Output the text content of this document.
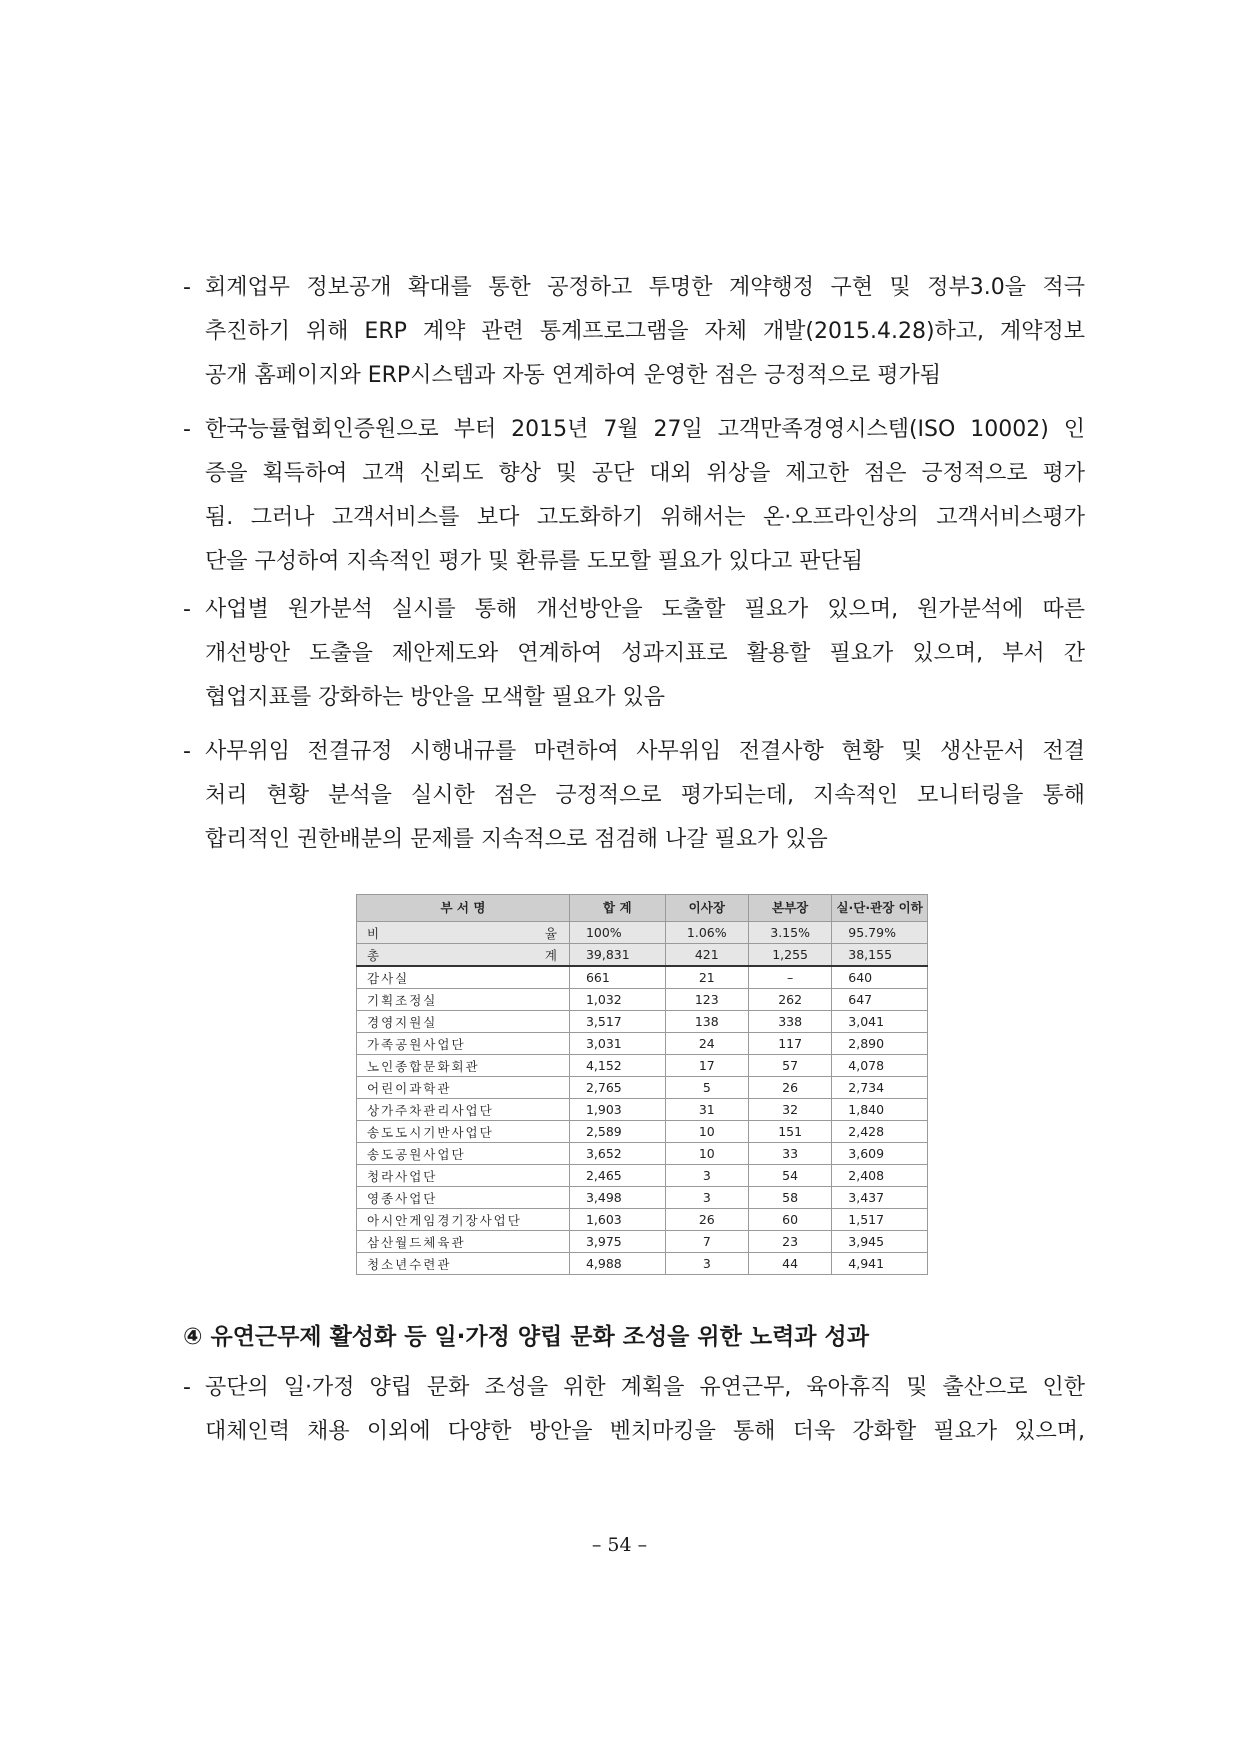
- 회계업무 정보공개 확대를 통한 공정하고 투명한 계약행정 구현 및 정부3.0을 적극
추진하기 위해 ERP 계약 관련 통계프로그램을 자체 개발(2015.4.28)하고, 계약정보
공개 홈페이지와 ERP시스템과 자동 연계하여 운영한 점은 긍정적으로 평가됨
- 한국능률협회인증원으로 부터 2015년 7월 27일 고객만족경영시스템(ISO 10002) 인
증을 획득하여 고객 신뢰도 향상 및 공단 대외 위상을 제고한 점은 긍정적으로 평가
됨. 그러나 고객서비스를 보다 고도화하기 위해서는 온·오프라인상의 고객서비스평가
단을 구성하여 지속적인 평가 및 환류를 도모할 필요가 있다고 판단됨
- 사업별 원가분석 실시를 통해 개선방안을 도출할 필요가 있으며, 원가분석에 따른
개선방안 도출을 제안제도와 연계하여 성과지표로 활용할 필요가 있으며, 부서 간
협업지표를 강화하는 방안을 모색할 필요가 있음
- 사무위임 전결규정 시행내규를 마련하여 사무위임 전결사항 현황 및 생산문서 전결
처리 현황 분석을 실시한 점은 긍정적으로 평가되는데, 지속적인 모니터링을 통해
합리적인 권한배분의 문제를 지속적으로 점검해 나갈 필요가 있음
부 서 명	합 계	이사장	본부장	실·단·관장 이하
비 율	100%	1.06%	3.15%	95.79%
총 계	39,831	421	1,255	38,155
감사실	661	21	–	640
기획조정실	1,032	123	262	647
경영지원실	3,517	138	338	3,041
가족공원사업단	3,031	24	117	2,890
노인종합문화회관	4,152	17	57	4,078
어린이과학관	2,765	5	26	2,734
상가주차관리사업단	1,903	31	32	1,840
송도도시기반사업단	2,589	10	151	2,428
송도공원사업단	3,652	10	33	3,609
청라사업단	2,465	3	54	2,408
영종사업단	3,498	3	58	3,437
아시안게임경기장사업단	1,603	26	60	1,517
삼산월드체육관	3,975	7	23	3,945
청소년수련관	4,988	3	44	4,941
④ 유연근무제 활성화 등 일·가정 양립 문화 조성을 위한 노력과 성과
- 공단의 일·가정 양립 문화 조성을 위한 계획을 유연근무, 육아휴직 및 출산으로 인한
대체인력 채용 이외에 다양한 방안을 벤치마킹을 통해 더욱 강화할 필요가 있으며,
– 54 –
